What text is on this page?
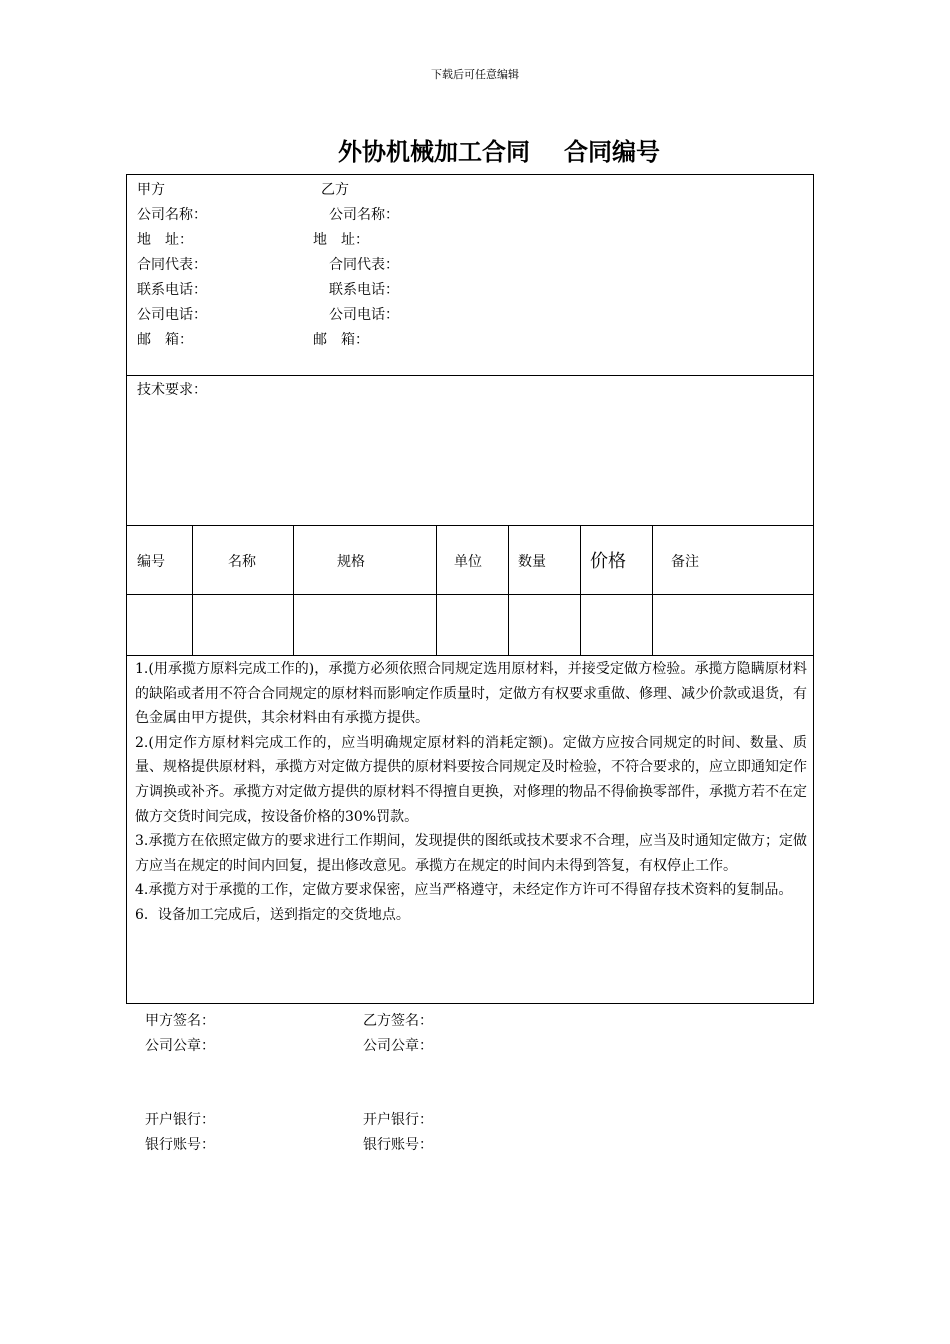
下载后可任意编辑
外协机械加工合同 合同编号
甲方	乙方
公司名称：	公司名称：
地　址：	地　址：
合同代表：	合同代表：
联系电话：	联系电话：
公司电话：	公司电话：
邮　箱：	邮　箱：
技术要求：
编号	名称	规格	单位	数量 价格	备注

1.(用承揽方原料完成工作的)，承揽方必须依照合同规定选用原材料，并接受定做方检验。承揽方隐瞒原材料的缺陷或者用不符合合同规定的原材料而影响定作质量时，定做方有权要求重做、修理、减少价款或退货，有色金属由甲方提供，其余材料由有承揽方提供。

2.(用定作方原材料完成工作的，应当明确规定原材料的消耗定额)。定做方应按合同规定的时间、数量、质量、规格提供原材料，承揽方对定做方提供的原材料要按合同规定及时检验，不符合要求的，应立即通知定作方调换或补齐。承揽方对定做方提供的原材料不得擅自更换，对修理的物品不得偷换零部件，承揽方若不在定做方交货时间完成，按设备价格的30%罚款。

3.承揽方在依照定做方的要求进行工作期间，发现提供的图纸或技术要求不合理，应当及时通知定做方；定做方应当在规定的时间内回复，提出修改意见。承揽方在规定的时间内未得到答复，有权停止工作。

4.承揽方对于承揽的工作，定做方要求保密，应当严格遵守，未经定作方许可不得留存技术资料的复制品。

6．设备加工完成后，送到指定的交货地点。

甲方签名：	乙方签名：
公司公章：	公司公章：
开户银行：	开户银行：
银行账号：	银行账号：
